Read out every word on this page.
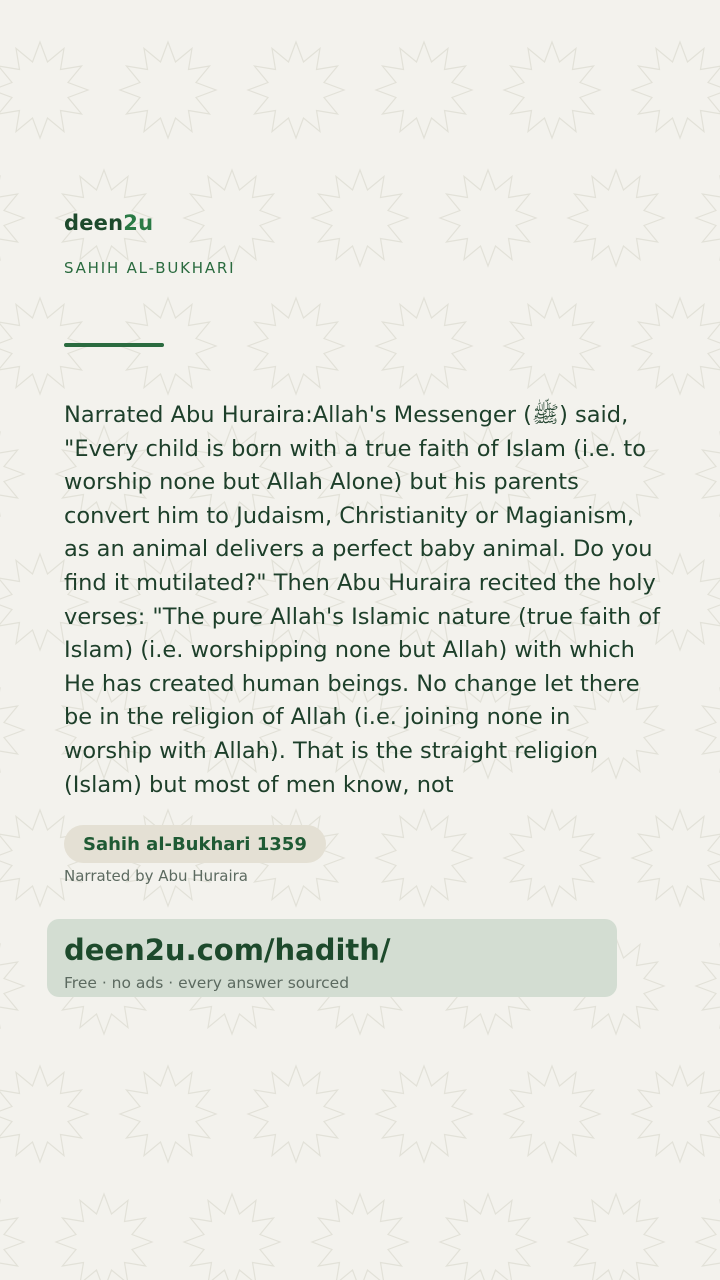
deen2u
SAHIH AL-BUKHARI

Narrated Abu Huraira:Allah's Messenger (ﷺ) said, "Every child is born with a true faith of Islam (i.e. to worship none but Allah Alone) but his parents convert him to Judaism, Christianity or Magianism, as an animal delivers a perfect baby animal. Do you find it mutilated?" Then Abu Huraira recited the holy verses: "The pure Allah's Islamic nature (true faith of Islam) (i.e. worshipping none but Allah) with which He has created human beings. No change let there be in the religion of Allah (i.e. joining none in worship with Allah). That is the straight religion (Islam) but most of men know, not

Sahih al-Bukhari 1359
Narrated by Abu Huraira
deen2u.com/hadith/
Free · no ads · every answer sourced
